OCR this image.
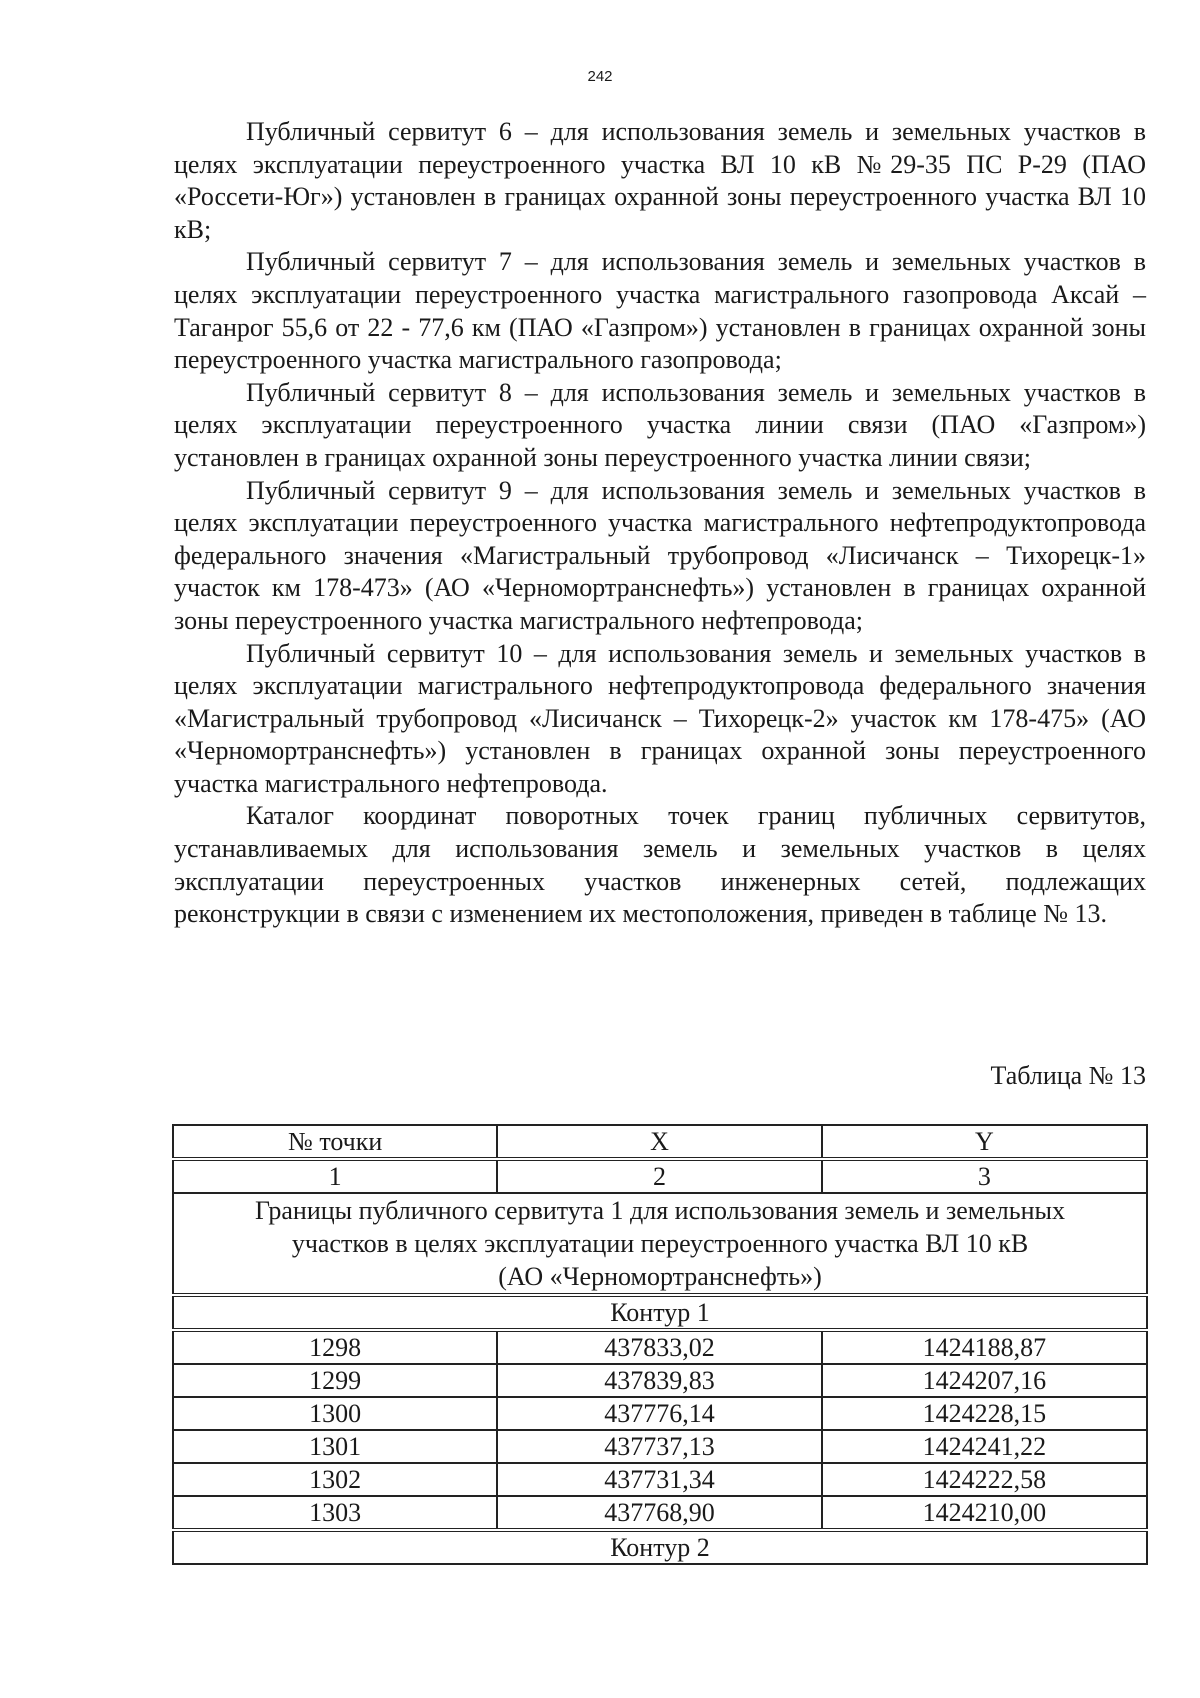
242

Публичный сервитут 6 – для использования земель и земельных участков в целях эксплуатации переустроенного участка ВЛ 10 кВ №29-35 ПС Р-29 (ПАО «Россети-Юг») установлен в границах охранной зоны переустроенного участка ВЛ 10 кВ;

Публичный сервитут 7 – для использования земель и земельных участков в целях эксплуатации переустроенного участка магистрального газопровода Аксай – Таганрог 55,6 от 22 - 77,6 км (ПАО «Газпром») установлен в границах охранной зоны переустроенного участка магистрального газопровода;

Публичный сервитут 8 – для использования земель и земельных участков в целях эксплуатации переустроенного участка линии связи (ПАО «Газпром») установлен в границах охранной зоны переустроенного участка линии связи;

Публичный сервитут 9 – для использования земель и земельных участков в целях эксплуатации переустроенного участка магистрального нефтепродуктопровода федерального значения «Магистральный трубопровод «Лисичанск – Тихорецк-1» участок км 178-473» (АО «Черномортранснефть») установлен в границах охранной зоны переустроенного участка магистрального нефтепровода;

Публичный сервитут 10 – для использования земель и земельных участков в целях эксплуатации магистрального нефтепродуктопровода федерального значения «Магистральный трубопровод «Лисичанск – Тихорецк-2» участок км 178-475» (АО «Черномортранснефть») установлен в границах охранной зоны переустроенного участка магистрального нефтепровода.

Каталог координат поворотных точек границ публичных сервитутов, устанавливаемых для использования земель и земельных участков в целях эксплуатации переустроенных участков инженерных сетей, подлежащих реконструкции в связи с изменением их местоположения, приведен в таблице № 13.

Таблица № 13
№ точки	X	Y
1	2	3

Границы публичного сервитута 1 для использования земель и земельных
участков в целях эксплуатации переустроенного участка ВЛ 10 кВ
(АО «Черномортранснефть»)		

Контур 1		
1298	437833,02	1424188,87
1299	437839,83	1424207,16
1300	437776,14	1424228,15
1301	437737,13	1424241,22
1302	437731,34	1424222,58
1303	437768,90	1424210,00
Контур 2		
